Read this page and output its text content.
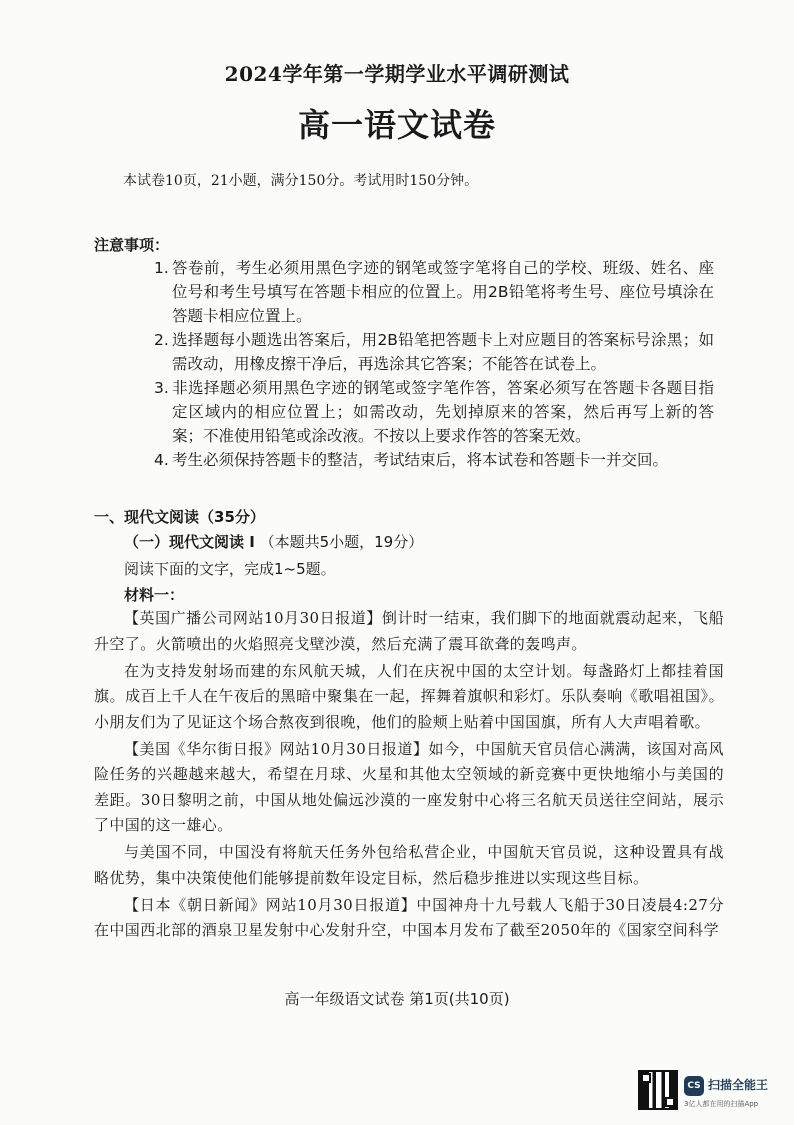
2024学年第一学期学业水平调研测试
高一语文试卷
本试卷10页，21小题，满分150分。考试用时150分钟。
注意事项：

1. 答卷前，考生必须用黑色字迹的钢笔或签字笔将自己的学校、班级、姓名、座位号和考生号填写在答题卡相应的位置上。用2B铅笔将考生号、座位号填涂在答题卡相应位置上。

2. 选择题每小题选出答案后，用2B铅笔把答题卡上对应题目的答案标号涂黑；如需改动，用橡皮擦干净后，再选涂其它答案；不能答在试卷上。

3. 非选择题必须用黑色字迹的钢笔或签字笔作答，答案必须写在答题卡各题目指定区域内的相应位置上；如需改动，先划掉原来的答案，然后再写上新的答案；不准使用铅笔或涂改液。不按以上要求作答的答案无效。

4. 考生必须保持答题卡的整洁，考试结束后，将本试卷和答题卡一并交回。

一、现代文阅读（35分）
（一）现代文阅读 I （本题共5小题，19分）
阅读下面的文字，完成1~5题。
材料一：

【英国广播公司网站10月30日报道】倒计时一结束，我们脚下的地面就震动起来，飞船升空了。火箭喷出的火焰照亮戈壁沙漠，然后充满了震耳欲聋的轰鸣声。

在为支持发射场而建的东风航天城，人们在庆祝中国的太空计划。每盏路灯上都挂着国旗。成百上千人在午夜后的黑暗中聚集在一起，挥舞着旗帜和彩灯。乐队奏响《歌唱祖国》。小朋友们为了见证这个场合熬夜到很晚，他们的脸颊上贴着中国国旗，所有人大声唱着歌。

【美国《华尔街日报》网站10月30日报道】如今，中国航天官员信心满满，该国对高风险任务的兴趣越来越大，希望在月球、火星和其他太空领域的新竞赛中更快地缩小与美国的差距。30日黎明之前，中国从地处偏远沙漠的一座发射中心将三名航天员送往空间站，展示了中国的这一雄心。

与美国不同，中国没有将航天任务外包给私营企业，中国航天官员说，这种设置具有战略优势，集中决策使他们能够提前数年设定目标，然后稳步推进以实现这些目标。

【日本《朝日新闻》网站10月30日报道】中国神舟十九号载人飞船于30日凌晨4:27分在中国西北部的酒泉卫星发射中心发射升空，中国本月发布了截至2050年的《国家空间科学

高一年级语文试卷 第1页(共10页)
CS 扫描全能王
3亿人都在用的扫描App
